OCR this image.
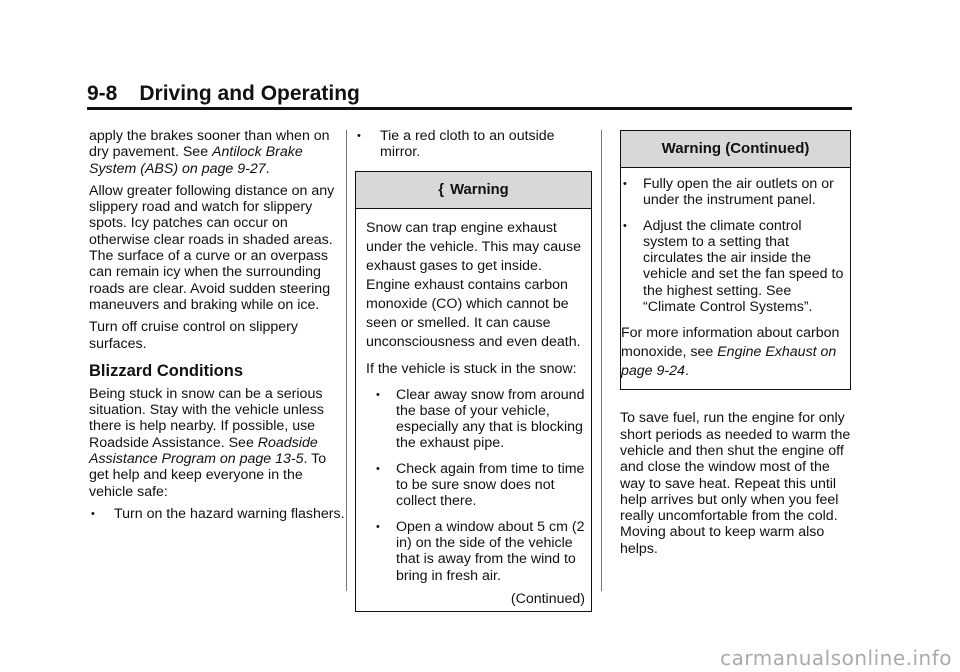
9-8 Driving and Operating

apply the brakes sooner than when on dry pavement. See Antilock Brake System (ABS) on page 9-27.

Allow greater following distance on any slippery road and watch for slippery spots. Icy patches can occur on otherwise clear roads in shaded areas. The surface of a curve or an overpass can remain icy when the surrounding roads are clear. Avoid sudden steering maneuvers and braking while on ice.

Turn off cruise control on slippery surfaces.

Blizzard Conditions

Being stuck in snow can be a serious situation. Stay with the vehicle unless there is help nearby. If possible, use Roadside Assistance. See Roadside Assistance Program on page 13-5. To get help and keep everyone in the vehicle safe:

• Turn on the hazard warning flashers.
• Tie a red cloth to an outside mirror.
{ Warning

Snow can trap engine exhaust under the vehicle. This may cause exhaust gases to get inside. Engine exhaust contains carbon monoxide (CO) which cannot be seen or smelled. It can cause unconsciousness and even death.

If the vehicle is stuck in the snow:

• Clear away snow from around the base of your vehicle, especially any that is blocking the exhaust pipe.
• Check again from time to time to be sure snow does not collect there.
• Open a window about 5 cm (2 in) on the side of the vehicle that is away from the wind to bring in fresh air.
(Continued)
Warning (Continued)
• Fully open the air outlets on or under the instrument panel.
• Adjust the climate control system to a setting that circulates the air inside the vehicle and set the fan speed to the highest setting. See “Climate Control Systems”.

For more information about carbon monoxide, see Engine Exhaust on page 9-24.

To save fuel, run the engine for only short periods as needed to warm the vehicle and then shut the engine off and close the window most of the way to save heat. Repeat this until help arrives but only when you feel really uncomfortable from the cold. Moving about to keep warm also helps.

carmanualsonline.info
